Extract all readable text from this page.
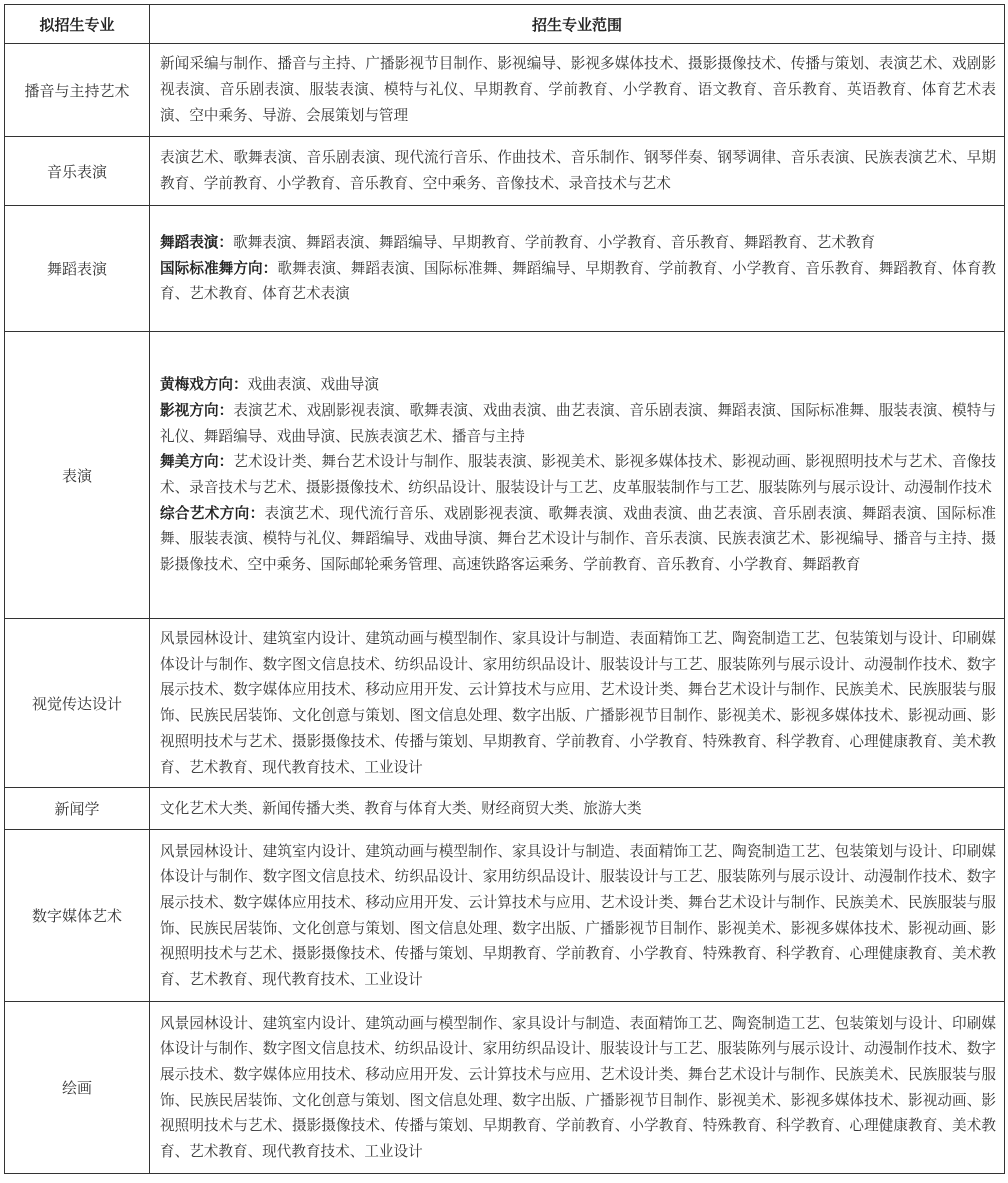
拟招生专业	招生专业范围
播音与主持艺术	新闻采编与制作、播音与主持、广播影视节目制作、影视编导、影视多媒体技术、摄影摄像技术、传播与策划、表演艺术、戏剧影视表演、音乐剧表演、服装表演、模特与礼仪、早期教育、学前教育、小学教育、语文教育、音乐教育、英语教育、体育艺术表演、空中乘务、导游、会展策划与管理
音乐表演	表演艺术、歌舞表演、音乐剧表演、现代流行音乐、作曲技术、音乐制作、钢琴伴奏、钢琴调律、音乐表演、民族表演艺术、早期教育、学前教育、小学教育、音乐教育、空中乘务、音像技术、录音技术与艺术
舞蹈表演	舞蹈表演：歌舞表演、舞蹈表演、舞蹈编导、早期教育、学前教育、小学教育、音乐教育、舞蹈教育、艺术教育
国际标准舞方向：歌舞表演、舞蹈表演、国际标准舞、舞蹈编导、早期教育、学前教育、小学教育、音乐教育、舞蹈教育、体育教育、艺术教育、体育艺术表演

表演	黄梅戏方向：戏曲表演、戏曲导演
影视方向：表演艺术、戏剧影视表演、歌舞表演、戏曲表演、曲艺表演、音乐剧表演、舞蹈表演、国际标准舞、服装表演、模特与礼仪、舞蹈编导、戏曲导演、民族表演艺术、播音与主持
舞美方向：艺术设计类、舞台艺术设计与制作、服装表演、影视美术、影视多媒体技术、影视动画、影视照明技术与艺术、音像技术、录音技术与艺术、摄影摄像技术、纺织品设计、服装设计与工艺、皮革服装制作与工艺、服装陈列与展示设计、动漫制作技术
综合艺术方向：表演艺术、现代流行音乐、戏剧影视表演、歌舞表演、戏曲表演、曲艺表演、音乐剧表演、舞蹈表演、国际标准舞、服装表演、模特与礼仪、舞蹈编导、戏曲导演、舞台艺术设计与制作、音乐表演、民族表演艺术、影视编导、播音与主持、摄影摄像技术、空中乘务、国际邮轮乘务管理、高速铁路客运乘务、学前教育、音乐教育、小学教育、舞蹈教育

视觉传达设计	风景园林设计、建筑室内设计、建筑动画与模型制作、家具设计与制造、表面精饰工艺、陶瓷制造工艺、包装策划与设计、印刷媒体设计与制作、数字图文信息技术、纺织品设计、家用纺织品设计、服装设计与工艺、服装陈列与展示设计、动漫制作技术、数字展示技术、数字媒体应用技术、移动应用开发、云计算技术与应用、艺术设计类、舞台艺术设计与制作、民族美术、民族服装与服饰、民族民居装饰、文化创意与策划、图文信息处理、数字出版、广播影视节目制作、影视美术、影视多媒体技术、影视动画、影视照明技术与艺术、摄影摄像技术、传播与策划、早期教育、学前教育、小学教育、特殊教育、科学教育、心理健康教育、美术教育、艺术教育、现代教育技术、工业设计
新闻学	文化艺术大类、新闻传播大类、教育与体育大类、财经商贸大类、旅游大类
数字媒体艺术	风景园林设计、建筑室内设计、建筑动画与模型制作、家具设计与制造、表面精饰工艺、陶瓷制造工艺、包装策划与设计、印刷媒体设计与制作、数字图文信息技术、纺织品设计、家用纺织品设计、服装设计与工艺、服装陈列与展示设计、动漫制作技术、数字展示技术、数字媒体应用技术、移动应用开发、云计算技术与应用、艺术设计类、舞台艺术设计与制作、民族美术、民族服装与服饰、民族民居装饰、文化创意与策划、图文信息处理、数字出版、广播影视节目制作、影视美术、影视多媒体技术、影视动画、影视照明技术与艺术、摄影摄像技术、传播与策划、早期教育、学前教育、小学教育、特殊教育、科学教育、心理健康教育、美术教育、艺术教育、现代教育技术、工业设计
绘画	风景园林设计、建筑室内设计、建筑动画与模型制作、家具设计与制造、表面精饰工艺、陶瓷制造工艺、包装策划与设计、印刷媒体设计与制作、数字图文信息技术、纺织品设计、家用纺织品设计、服装设计与工艺、服装陈列与展示设计、动漫制作技术、数字展示技术、数字媒体应用技术、移动应用开发、云计算技术与应用、艺术设计类、舞台艺术设计与制作、民族美术、民族服装与服饰、民族民居装饰、文化创意与策划、图文信息处理、数字出版、广播影视节目制作、影视美术、影视多媒体技术、影视动画、影视照明技术与艺术、摄影摄像技术、传播与策划、早期教育、学前教育、小学教育、特殊教育、科学教育、心理健康教育、美术教育、艺术教育、现代教育技术、工业设计
